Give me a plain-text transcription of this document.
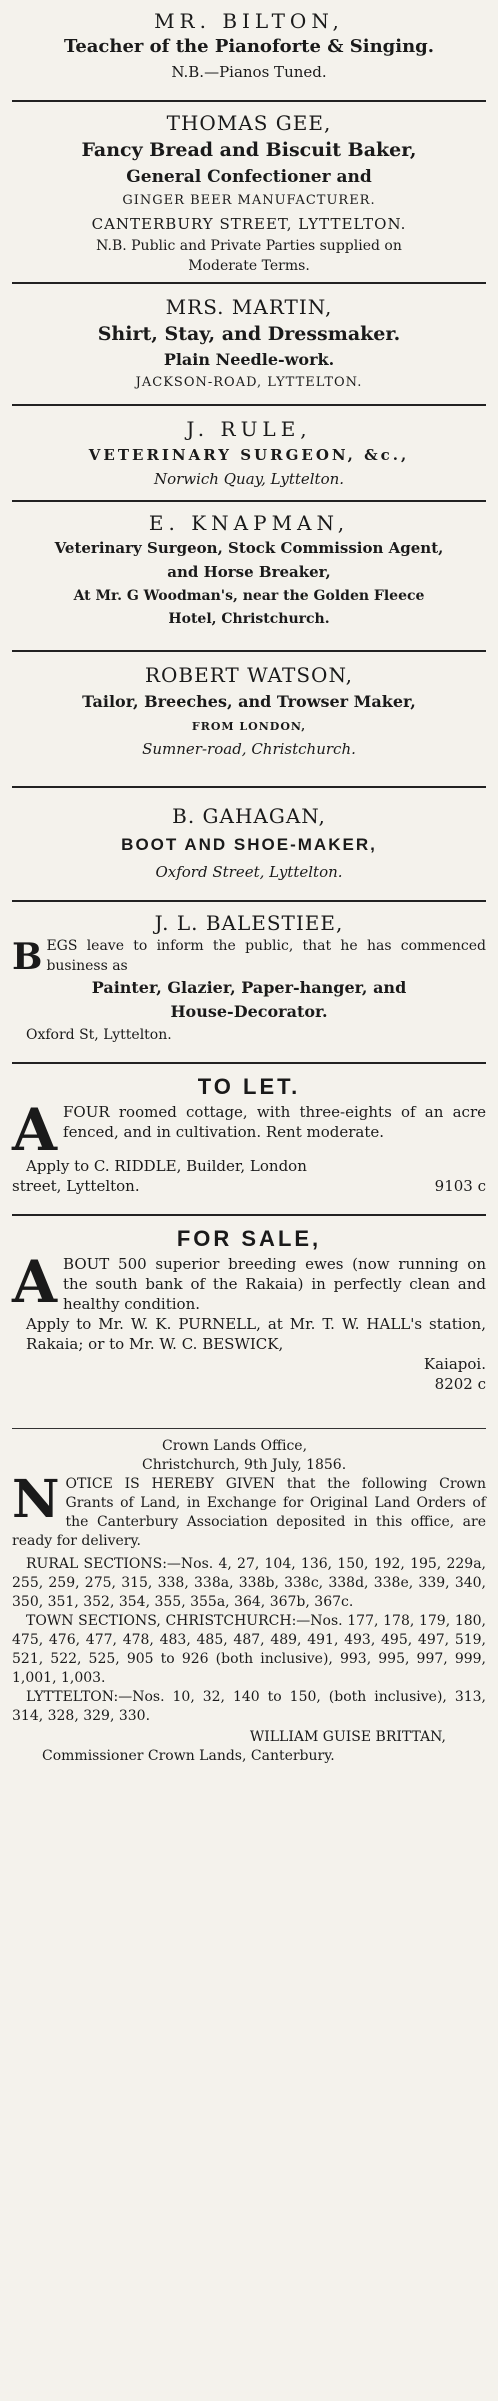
MR. BILTON,

Teacher of the Pianoforte & Singing.

N.B.—Pianos Tuned.

THOMAS GEE,

Fancy Bread and Biscuit Baker,

General Confectioner and

GINGER BEER MANUFACTURER.

CANTERBURY STREET, LYTTELTON.

N.B. Public and Private Parties supplied on

Moderate Terms.

MRS. MARTIN,

Shirt, Stay, and Dressmaker.

Plain Needle-work.

JACKSON-ROAD, LYTTELTON.

J. RULE,

VETERINARY SURGEON, &c.,

Norwich Quay, Lyttelton.

E. KNAPMAN,

Veterinary Surgeon, Stock Commission Agent,

and Horse Breaker,

At Mr. G Woodman's, near the Golden Fleece

Hotel, Christchurch.

ROBERT WATSON,

Tailor, Breeches, and Trowser Maker,

FROM LONDON,

Sumner-road, Christchurch.

B. GAHAGAN,

BOOT AND SHOE-MAKER,

Oxford Street, Lyttelton.

J. L. BALESTIEE,

B EGS leave to inform the public, that he has commenced business as

Painter, Glazier, Paper-hanger, and

House-Decorator.

Oxford St, Lyttelton.

TO LET.

A FOUR roomed cottage, with three-eights of an acre fenced, and in cultivation. Rent moderate.

Apply to C. RIDDLE, Builder, London

street, Lyttelton.	9103 c

FOR SALE,

A BOUT 500 superior breeding ewes (now running on the south bank of the Rakaia) in perfectly clean and healthy condition.

Apply to Mr. W. K. PURNELL, at Mr. T. W. HALL's station, Rakaia; or to Mr. W. C. BESWICK,

Kaiapoi.

8202 c

Crown Lands Office,

Christchurch, 9th July, 1856.

N OTICE IS HEREBY GIVEN that the following Crown Grants of Land, in Exchange for Original Land Orders of the Canterbury Association deposited in this office, are ready for delivery.

RURAL SECTIONS:—Nos. 4, 27, 104, 136, 150, 192, 195, 229a, 255, 259, 275, 315, 338, 338a, 338b, 338c, 338d, 338e, 339, 340, 350, 351, 352, 354, 355, 355a, 364, 367b, 367c.

TOWN SECTIONS, CHRISTCHURCH:—Nos. 177, 178, 179, 180, 475, 476, 477, 478, 483, 485, 487, 489, 491, 493, 495, 497, 519, 521, 522, 525, 905 to 926 (both inclusive), 993, 995, 997, 999, 1,001, 1,003.

LYTTELTON:—Nos. 10, 32, 140 to 150, (both inclusive), 313, 314, 328, 329, 330.

WILLIAM GUISE BRITTAN,

Commissioner Crown Lands, Canterbury.
